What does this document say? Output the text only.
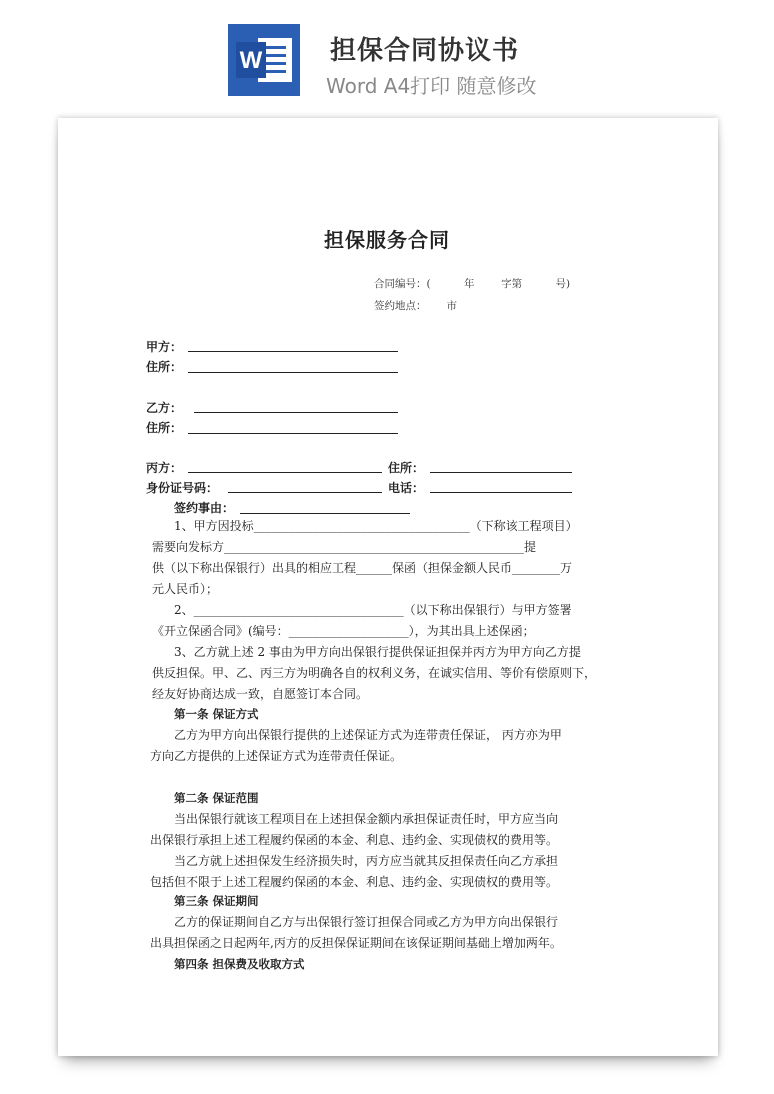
W	担保合同协议书
Word A4打印 随意修改
担保服务合同
合同编号：(          年        字第          号)
签约地点：      市
甲方：
住所：
乙方：
住所：
丙方：	住所：
身份证号码：	电话：
签约事由：
1、甲方因投标____________________________________（下称该工程项目）
需要向发标方__________________________________________________提
供（以下称出保银行）出具的相应工程______保函（担保金额人民币________万
元人民币）；
2、___________________________________（以下称出保银行）与甲方签署
《开立保函合同》(编号：____________________），为其出具上述保函；
3、乙方就上述 2 事由为甲方向出保银行提供保证担保并丙方为甲方向乙方提
供反担保。甲、乙、丙三方为明确各自的权利义务，在诚实信用、等价有偿原则下，
经友好协商达成一致，自愿签订本合同。
第一条 保证方式
乙方为甲方向出保银行提供的上述保证方式为连带责任保证， 丙方亦为甲
方向乙方提供的上述保证方式为连带责任保证。
第二条 保证范围
当出保银行就该工程项目在上述担保金额内承担保证责任时，甲方应当向
出保银行承担上述工程履约保函的本金、利息、违约金、实现债权的费用等。
当乙方就上述担保发生经济损失时，丙方应当就其反担保责任向乙方承担
包括但不限于上述工程履约保函的本金、利息、违约金、实现债权的费用等。
第三条 保证期间
乙方的保证期间自乙方与出保银行签订担保合同或乙方为甲方向出保银行
出具担保函之日起两年,丙方的反担保保证期间在该保证期间基础上增加两年。
第四条 担保费及收取方式
